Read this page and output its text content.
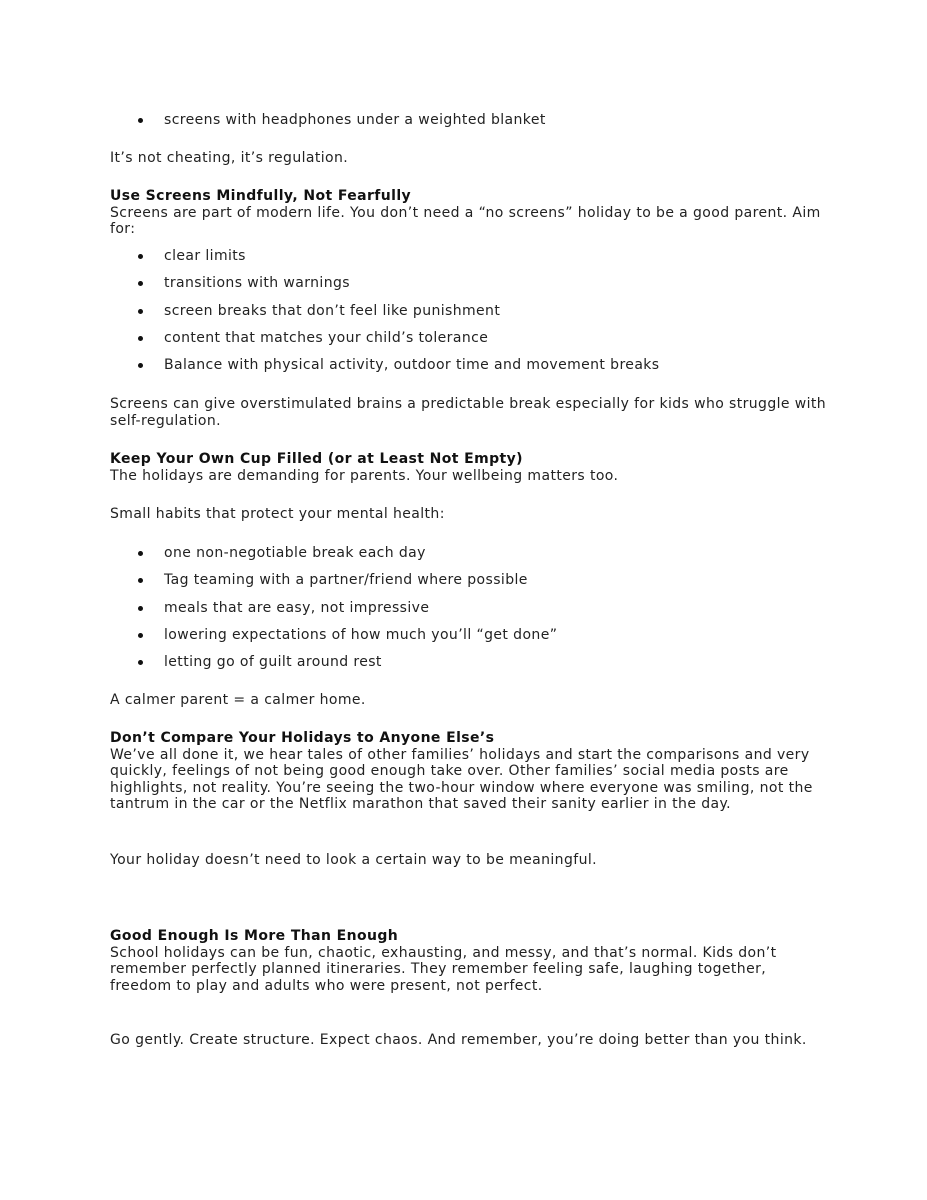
screens with headphones under a weighted blanket

It’s not cheating, it’s regulation.

Use Screens Mindfully, Not Fearfully

Screens are part of modern life. You don’t need a “no screens” holiday to be a good parent. Aim for:

clear limits
transitions with warnings
screen breaks that don’t feel like punishment
content that matches your child’s tolerance
Balance with physical activity, outdoor time and movement breaks

Screens can give overstimulated brains a predictable break especially for kids who struggle with self-regulation.

Keep Your Own Cup Filled (or at Least Not Empty)

The holidays are demanding for parents. Your wellbeing matters too.

Small habits that protect your mental health:

one non-negotiable break each day
Tag teaming with a partner/friend where possible
meals that are easy, not impressive
lowering expectations of how much you’ll “get done”
letting go of guilt around rest

A calmer parent = a calmer home.

Don’t Compare Your Holidays to Anyone Else’s

We’ve all done it, we hear tales of other families’ holidays and start the comparisons and very quickly, feelings of not being good enough take over. Other families’ social media posts are highlights, not reality. You’re seeing the two-hour window where everyone was smiling, not the tantrum in the car or the Netflix marathon that saved their sanity earlier in the day.

Your holiday doesn’t need to look a certain way to be meaningful.

Good Enough Is More Than Enough

School holidays can be fun, chaotic, exhausting, and messy, and that’s normal. Kids don’t remember perfectly planned itineraries. They remember feeling safe, laughing together, freedom to play and adults who were present, not perfect.

Go gently. Create structure. Expect chaos. And remember, you’re doing better than you think.
